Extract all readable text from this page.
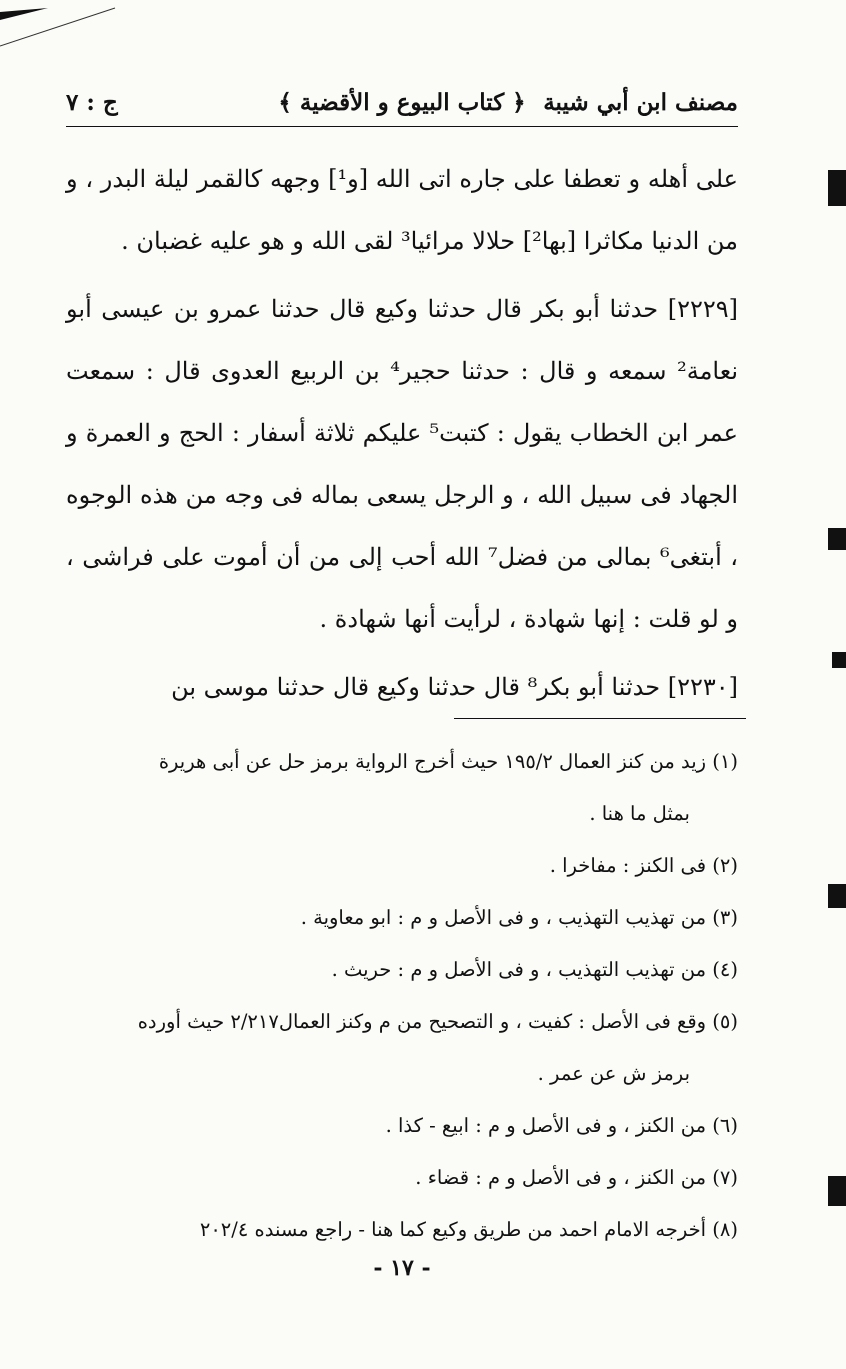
مصنف ابن أبي شيبة
﴿ كتاب البيوع و الأقضية ﴾
ج : ٧

على أهله و تعطفا على جاره اتى الله [و¹] وجهه كالقمر ليلة البدر ، و من الدنيا مكاثرا [بها²] حلالا مرائيا³ لقى الله و هو عليه غضبان .

[٢٢٢٩] حدثنا أبو بكر قال حدثنا وكيع قال حدثنا عمرو بن عيسى أبو نعامة² سمعه و قال : حدثنا حجير⁴ بن الربيع العدوى قال : سمعت عمر ابن الخطاب يقول : كتبت⁵ عليكم ثلاثة أسفار : الحج و العمرة و الجهاد فى سبيل الله ، و الرجل يسعى بماله فى وجه من هذه الوجوه ، أبتغى⁶ بمالى من فضل⁷ الله أحب إلى من أن أموت على فراشى ، و لو قلت : إنها شهادة ، لرأيت أنها شهادة .

[٢٢٣٠] حدثنا أبو بكر⁸ قال حدثنا وكيع قال حدثنا موسى بن

(١) زيد من كنز العمال ١٩٥/٢ حيث أخرج الرواية برمز حل عن أبى هريرة

بمثل ما هنا .

(٢) فى الكنز : مفاخرا .

(٣) من تهذيب التهذيب ، و فى الأصل و م : ابو معاوية .

(٤) من تهذيب التهذيب ، و فى الأصل و م : حريث .

(٥) وقع فى الأصل : كفيت ، و التصحيح من م وكنز العمال٢/٢١٧ حيث أورده

برمز ش عن عمر .

(٦) من الكنز ، و فى الأصل و م : ابيع - كذا .

(٧) من الكنز ، و فى الأصل و م : قضاء .

(٨) أخرجه الامام احمد من طريق وكيع كما هنا - راجع مسنده ٢٠٢/٤

- ١٧ -
